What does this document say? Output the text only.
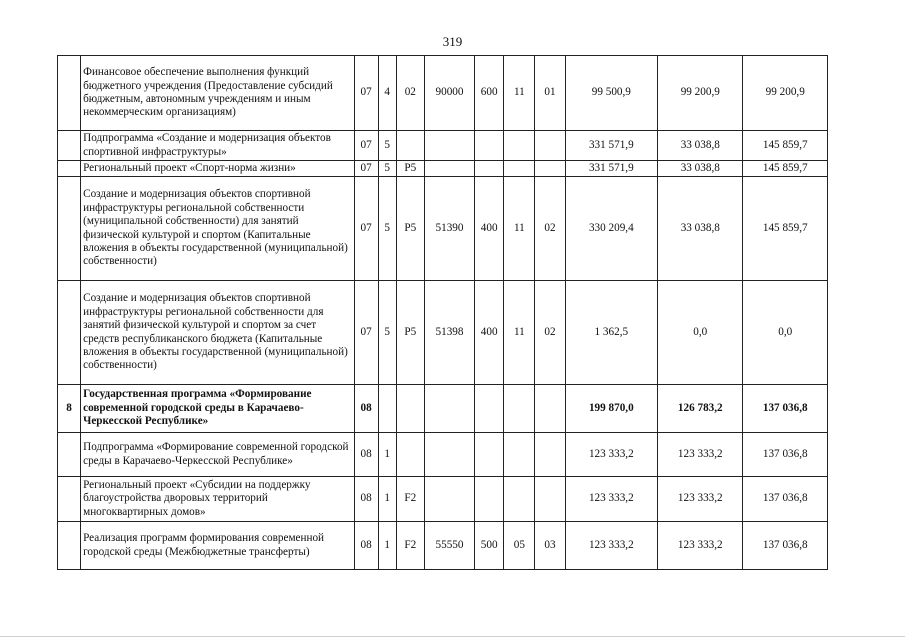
319
	Финансовое обеспечение выполнения функций бюджетного учреждения (Предоставление субсидий бюджетным, автономным учреждениям и иным некоммерческим организациям)	07	4	02	90000	600	11	01	99 500,9	99 200,9	99 200,9
	Подпрограмма «Создание и модернизация объектов спортивной инфраструктуры»	07	5						331 571,9	33 038,8	145 859,7
	Региональный проект «Спорт-норма жизни»	07	5	P5					331 571,9	33 038,8	145 859,7
	Создание и модернизация объектов спортивной инфраструктуры региональной собственности (муниципальной собственности) для занятий физической культурой и спортом (Капитальные вложения в объекты государственной (муниципальной) собственности)	07	5	P5	51390	400	11	02	330 209,4	33 038,8	145 859,7
	Создание и модернизация объектов спортивной инфраструктуры региональной собственности для занятий физической культурой и спортом за счет средств республиканского бюджета (Капитальные вложения в объекты государственной (муниципальной) собственности)	07	5	P5	51398	400	11	02	1 362,5	0,0	0,0
8	Государственная программа «Формирование современной городской среды в Карачаево-Черкесской Республике»	08							199 870,0	126 783,2	137 036,8
	Подпрограмма «Формирование современной городской среды в Карачаево-Черкесской Республике»	08	1						123 333,2	123 333,2	137 036,8
	Региональный проект «Субсидии на поддержку благоустройства дворовых территорий многоквартирных домов»	08	1	F2					123 333,2	123 333,2	137 036,8
	Реализация программ формирования современной городской среды (Межбюджетные трансферты)	08	1	F2	55550	500	05	03	123 333,2	123 333,2	137 036,8
